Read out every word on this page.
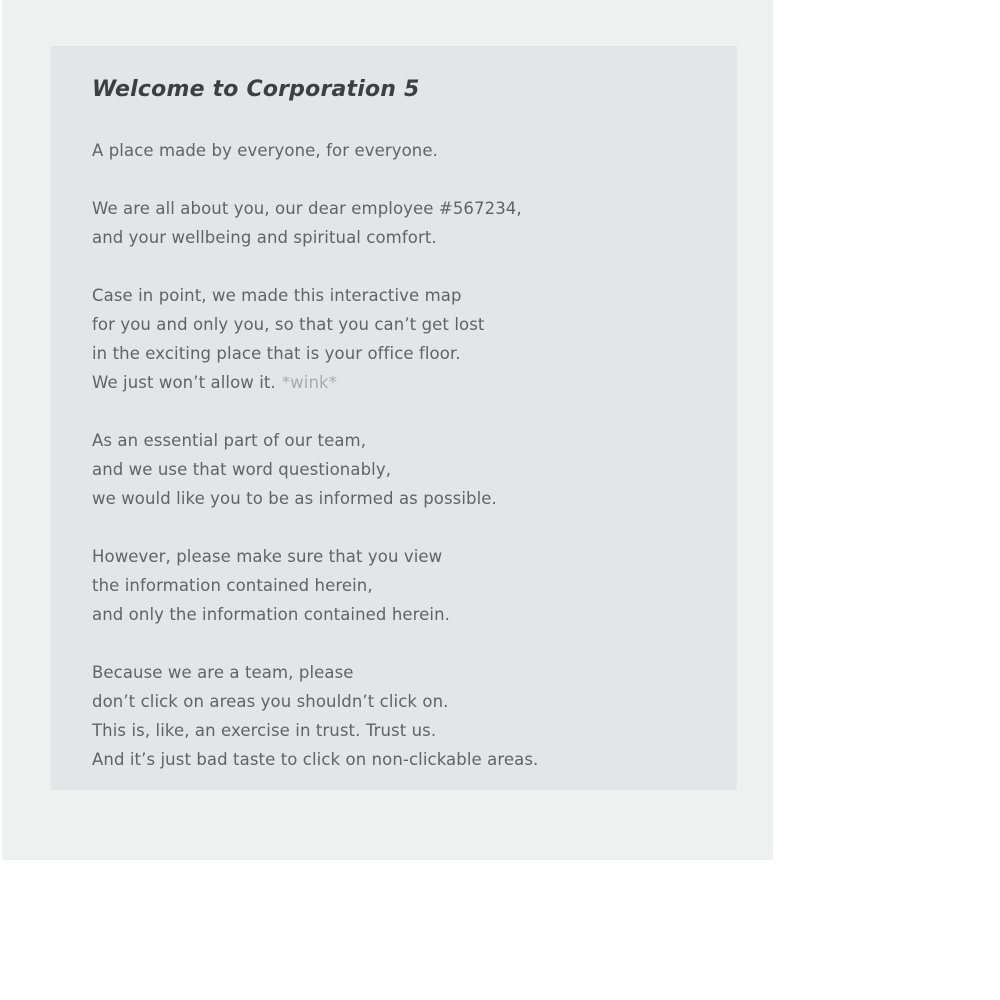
Welcome to Corporation 5

A place made by everyone, for everyone.

We are all about you, our dear employee #567234,
and your wellbeing and spiritual comfort.

Case in point, we made this interactive map
for you and only you, so that you can’t get lost
in the exciting place that is your office floor.
We just won’t allow it. *wink*

As an essential part of our team,
and we use that word questionably,
we would like you to be as informed as possible.

However, please make sure that you view
the information contained herein,
and only the information contained herein.

Because we are a team, please
don’t click on areas you shouldn’t click on.
This is, like, an exercise in trust. Trust us.
And it’s just bad taste to click on non-clickable areas.
